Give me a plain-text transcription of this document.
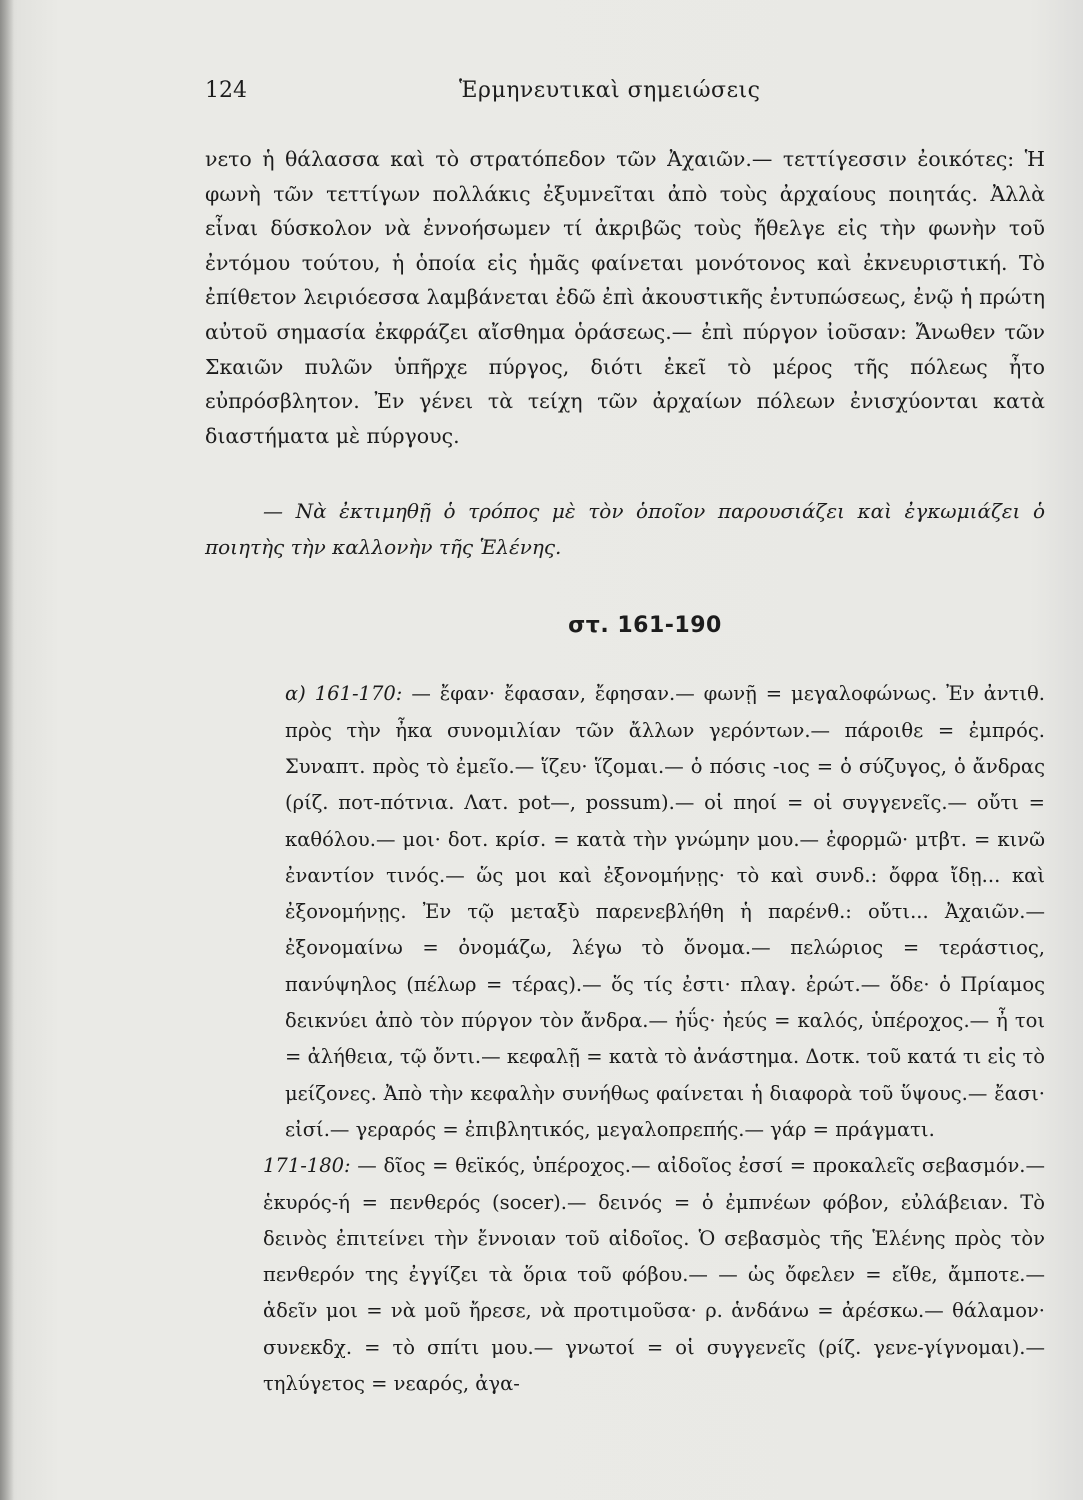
124	Ἑρμηνευτικαὶ σημειώσεις

νετο ἡ θάλασσα καὶ τὸ στρατόπεδον τῶν Ἀχαιῶν.— τεττίγεσσιν ἐοικότες: Ἡ φωνὴ τῶν τεττίγων πολλάκις ἐξυμνεῖται ἀπὸ τοὺς ἀρχαίους ποιητάς. Ἀλλὰ εἶναι δύσκολον νὰ ἐννοήσωμεν τί ἀκριβῶς τοὺς ἤθελγε εἰς τὴν φωνὴν τοῦ ἐντόμου τούτου, ἡ ὁποία εἰς ἡμᾶς φαίνεται μονότονος καὶ ἐκνευριστική. Τὸ ἐπίθετον λειριόεσσα λαμβάνεται ἐδῶ ἐπὶ ἀκουστικῆς ἐντυπώσεως, ἐνῷ ἡ πρώτη αὐτοῦ σημασία ἐκφράζει αἴσθημα ὁράσεως.— ἐπὶ πύργον ἰοῦσαν: Ἄνωθεν τῶν Σκαιῶν πυλῶν ὑπῆρχε πύργος, διότι ἐκεῖ τὸ μέρος τῆς πόλεως ἦτο εὐπρόσβλητον. Ἐν γένει τὰ τείχη τῶν ἀρχαίων πόλεων ἐνισχύονται κατὰ διαστήματα μὲ πύργους.

— Νὰ ἐκτιμηθῇ ὁ τρόπος μὲ τὸν ὁποῖον παρουσιάζει καὶ ἐγκωμιάζει ὁ ποιητὴς τὴν καλλονὴν τῆς Ἑλένης.

στ. 161-190

α) 161-170: — ἔφαν· ἔφασαν, ἔφησαν.— φωνῇ = μεγαλοφώνως. Ἐν ἀντιθ. πρὸς τὴν ἦκα συνομιλίαν τῶν ἄλλων γερόντων.— πάροιθε = ἐμπρός. Συναπτ. πρὸς τὸ ἐμεῖο.— ἵζευ· ἵζομαι.— ὁ πόσις -ιος = ὁ σύζυγος, ὁ ἄνδρας (ρίζ. ποτ-πότνια. Λατ. pot—, possum).— οἱ πηοί = οἱ συγγενεῖς.— οὔτι = καθόλου.— μοι· δοτ. κρίσ. = κατὰ τὴν γνώμην μου.— ἐφορμῶ· μτβτ. = κινῶ ἐναντίον τινός.— ὥς μοι καὶ ἐξονομήνῃς· τὸ καὶ συνδ.: ὄφρα ἴδῃ... καὶ ἐξονομήνῃς. Ἐν τῷ μεταξὺ παρενεβλήθη ἡ παρένθ.: οὔτι... Ἀχαιῶν.— ἐξονομαίνω = ὀνομάζω, λέγω τὸ ὄνομα.— πελώριος = τεράστιος, πανύψηλος (πέλωρ = τέρας).— ὅς τίς ἐστι· πλαγ. ἐρώτ.— ὅδε· ὁ Πρίαμος δεικνύει ἀπὸ τὸν πύργον τὸν ἄνδρα.— ἠΰς· ἠεύς = καλός, ὑπέροχος.— ἦ τοι = ἀλήθεια, τῷ ὄντι.— κεφαλῇ = κατὰ τὸ ἀνάστημα. Δοτκ. τοῦ κατά τι εἰς τὸ μείζονες. Ἀπὸ τὴν κεφαλὴν συνήθως φαίνεται ἡ διαφορὰ τοῦ ὕψους.— ἔασι· εἰσί.— γεραρός = ἐπιβλητικός, μεγαλοπρεπής.— γάρ = πράγματι.

171-180: — δῖος = θεϊκός, ὑπέροχος.— αἰδοῖος ἐσσί = προκαλεῖς σεβασμόν.— ἑκυρός-ή = πενθερός (socer).— δεινός = ὁ ἐμπνέων φόβον, εὐλάβειαν. Τὸ δεινὸς ἐπιτείνει τὴν ἔννοιαν τοῦ αἰδοῖος. Ὁ σεβασμὸς τῆς Ἑλένης πρὸς τὸν πενθερόν της ἐγγίζει τὰ ὅρια τοῦ φόβου.— — ὡς ὄφελεν = εἴθε, ἄμποτε.— ἁδεῖν μοι = νὰ μοῦ ἤρεσε, νὰ προτιμοῦσα· ρ. ἁνδάνω = ἀρέσκω.— θάλαμον· συνεκδχ. = τὸ σπίτι μου.— γνωτοί = οἱ συγγενεῖς (ρίζ. γενε-γίγνομαι).— τηλύγετος = νεαρός, ἀγα-
